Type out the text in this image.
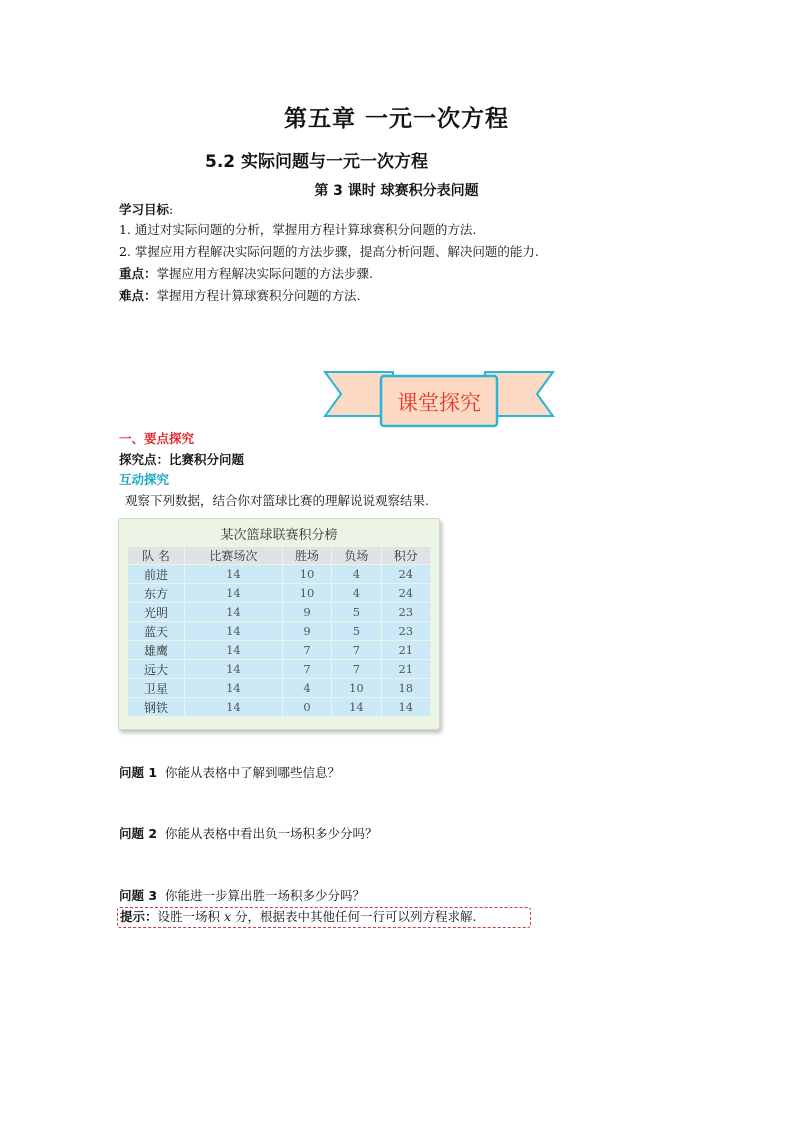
第五章 一元一次方程
5.2 实际问题与一元一次方程
第 3 课时 球赛积分表问题
学习目标:
1. 通过对实际问题的分析，掌握用方程计算球赛积分问题的方法.
2. 掌握应用方程解决实际问题的方法步骤，提高分析问题、解决问题的能力.
重点：掌握应用方程解决实际问题的方法步骤.
难点：掌握用方程计算球赛积分问题的方法.
课堂探究
一、要点探究
探究点：比赛积分问题
互动探究
观察下列数据，结合你对篮球比赛的理解说说观察结果.
某次篮球联赛积分榜
队 名	比赛场次	胜场	负场	积分
前进	14	10	4	24
东方	14	10	4	24
光明	14	9	5	23
蓝天	14	9	5	23
雄鹰	14	7	7	21
远大	14	7	7	21
卫星	14	4	10	18
钢铁	14	0	14	14
问题 1 你能从表格中了解到哪些信息？
问题 2 你能从表格中看出负一场积多少分吗？
问题 3 你能进一步算出胜一场积多少分吗？
提示：设胜一场积 x 分，根据表中其他任何一行可以列方程求解.
